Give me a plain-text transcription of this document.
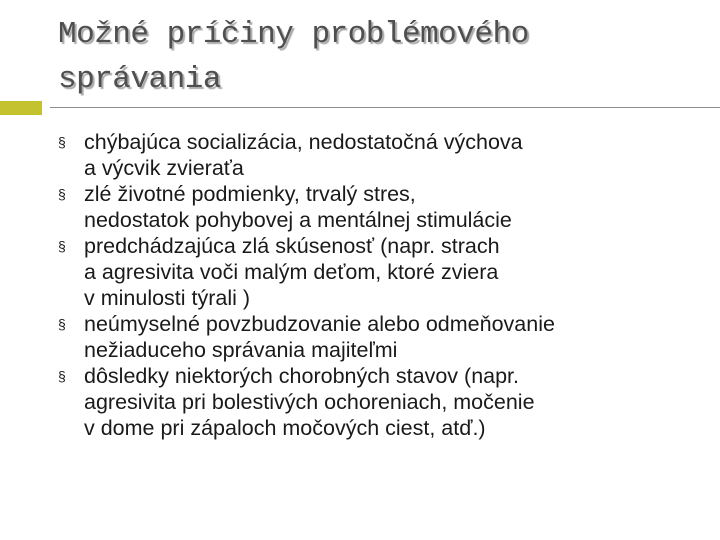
Možné príčiny problémového
správania
§ chýbajúca socializácia, nedostatočná výchova
a výcvik zvieraťa
§ zlé životné podmienky, trvalý stres,
nedostatok pohybovej a mentálnej stimulácie
§ predchádzajúca zlá skúsenosť (napr. strach
a agresivita voči malým deťom, ktoré zviera
v minulosti týrali )
§ neúmyselné povzbudzovanie alebo odmeňovanie
nežiaduceho správania majiteľmi
§ dôsledky niektorých chorobných stavov (napr.
agresivita pri bolestivých ochoreniach, močenie
v dome pri zápaloch močových ciest, atď.)
